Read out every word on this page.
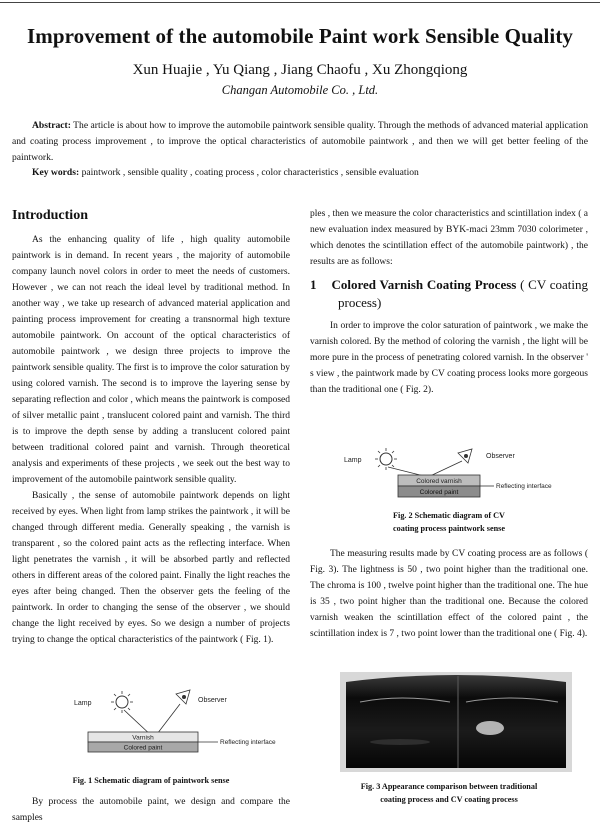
Improvement of the automobile Paint work Sensible Quality
Xun Huajie , Yu Qiang , Jiang Chaofu , Xu Zhongqiong
Changan Automobile Co. , Ltd.
Abstract: The article is about how to improve the automobile paintwork sensible quality. Through the methods of advanced material application and coating process improvement , to improve the optical characteristics of automobile paintwork , and then we will get better feeling of the paintwork.
Key words: paintwork , sensible quality , coating process , color characteristics , sensible evaluation
Introduction

As the enhancing quality of life , high quality automobile paintwork is in demand. In recent years , the majority of automobile company launch novel colors in order to meet the needs of customers. However , we can not reach the ideal level by traditional method. In another way , we take up research of advanced material application and painting process improvement for creating a transnormal high texture automobile paintwork. On account of the optical characteristics of automobile paintwork , we design three projects to improve the paintwork sensible quality. The first is to improve the color saturation by using colored varnish. The second is to improve the layering sense by separating reflection and color , which means the paintwork is composed of silver metallic paint , translucent colored paint and varnish. The third is to improve the depth sense by adding a translucent colored paint between traditional colored paint and varnish. Through theoretical analysis and experiments of these projects , we seek out the best way to improvement of the automobile paintwork sensible quality.

Basically , the sense of automobile paintwork depends on light received by eyes. When light from lamp strikes the paintwork , it will be changed through different media. Generally speaking , the varnish is transparent , so the colored paint acts as the reflecting interface. When light penetrates the varnish , it will be absorbed partly and reflected others in different areas of the colored paint. Finally the light reaches the eyes after being changed. Then the observer gets the feeling of the paintwork. In order to changing the sense of the observer , we should change the light received by eyes. So we design a number of projects trying to change the optical characteristics of the paintwork ( Fig. 1).

Lamp	Observer
Varnish
Colored paint
Reflecting interface
Fig. 1 Schematic diagram of paintwork sense
By process the automobile paint, we design and compare the samples

ples , then we measure the color characteristics and scintillation index ( a new evaluation index measured by BYK-maci 23mm 7030 colorimeter , which denotes the scintillation effect of the automobile paintwork) , the results are as follows:

1 Colored Varnish Coating Process ( CV coating process)

In order to improve the color saturation of paintwork , we make the varnish colored. By the method of coloring the varnish , the light will be more pure in the process of penetrating colored varnish. In the observer ' s view , the paintwork made by CV coating process looks more gorgeous than the traditional one ( Fig. 2).

Lamp
Observer
Colored varnish
Colored paint
Reflecting interface
Fig. 2 Schematic diagram of CV
coating process paintwork sense

The measuring results made by CV coating process are as follows ( Fig. 3). The lightness is 50 , two point higher than the traditional one. The chroma is 100 , twelve point higher than the traditional one. The hue is 35 , two point higher than the traditional one. Because the colored varnish weaken the scintillation effect of the colored paint , the scintillation index is 7 , two point lower than the traditional one ( Fig. 4).

Fig. 3 Appearance comparison between traditional
coating process and CV coating process
